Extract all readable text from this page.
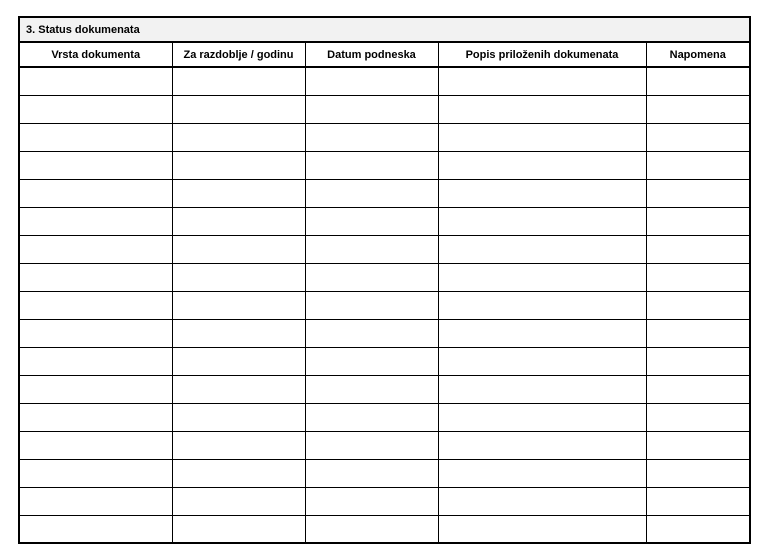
3. Status dokumenata
Vrsta dokumenta	Za razdoblje / godinu	Datum podneska	Popis priloženih dokumenata	Napomena
